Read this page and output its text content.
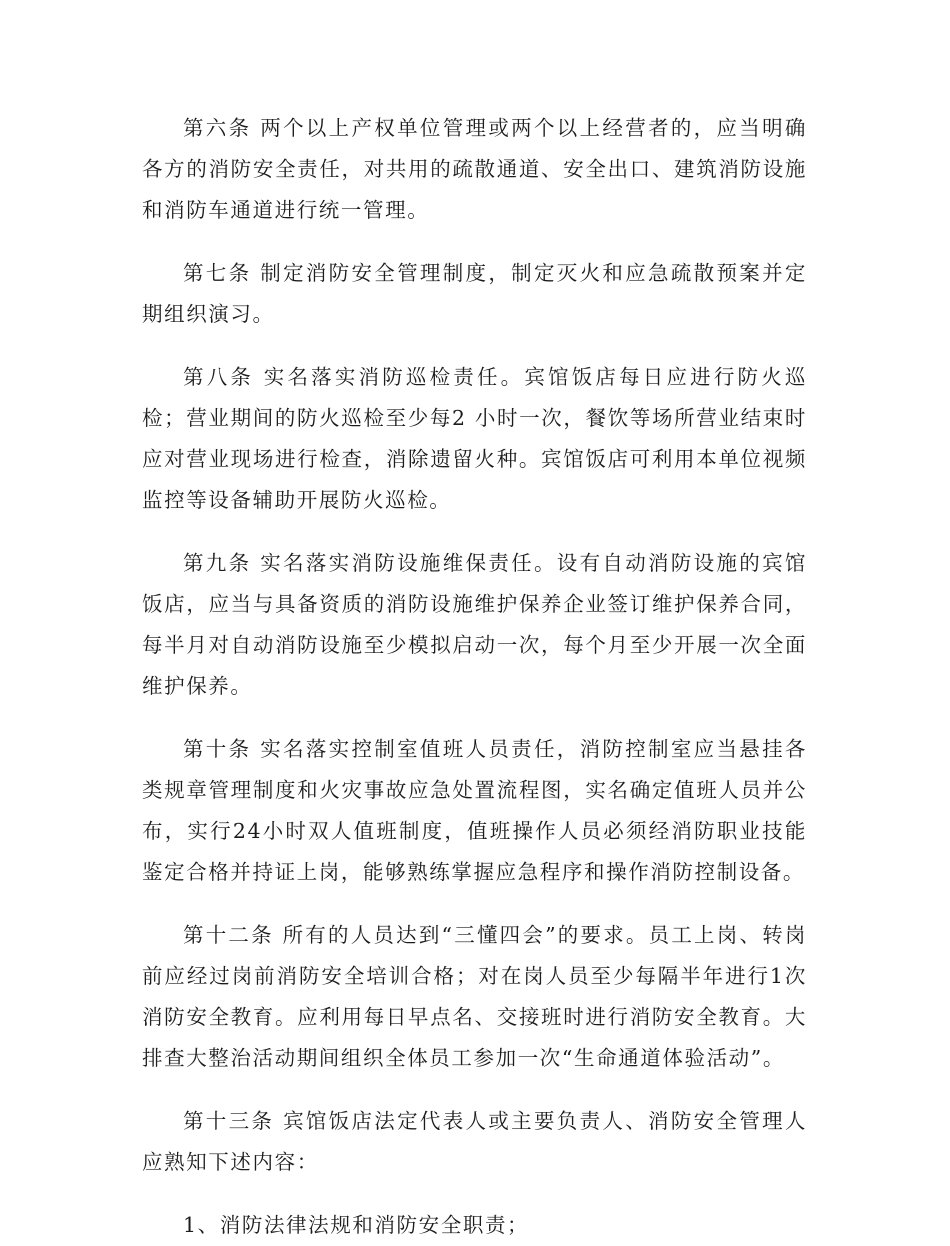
第六条 两个以上产权单位管理或两个以上经营者的，应当明确各方的消防安全责任，对共用的疏散通道、安全出口、建筑消防设施和消防车通道进行统一管理。

第七条 制定消防安全管理制度，制定灭火和应急疏散预案并定期组织演习。

第八条 实名落实消防巡检责任。宾馆饭店每日应进行防火巡检；营业期间的防火巡检至少每2 小时一次，餐饮等场所营业结束时应对营业现场进行检查，消除遗留火种。宾馆饭店可利用本单位视频监控等设备辅助开展防火巡检。

第九条 实名落实消防设施维保责任。设有自动消防设施的宾馆饭店，应当与具备资质的消防设施维护保养企业签订维护保养合同，每半月对自动消防设施至少模拟启动一次，每个月至少开展一次全面维护保养。

第十条 实名落实控制室值班人员责任，消防控制室应当悬挂各类规章管理制度和火灾事故应急处置流程图，实名确定值班人员并公布，实行24小时双人值班制度，值班操作人员必须经消防职业技能鉴定合格并持证上岗，能够熟练掌握应急程序和操作消防控制设备。

第十二条 所有的人员达到“三懂四会”的要求。员工上岗、转岗前应经过岗前消防安全培训合格；对在岗人员至少每隔半年进行1次消防安全教育。应利用每日早点名、交接班时进行消防安全教育。大排查大整治活动期间组织全体员工参加一次“生命通道体验活动”。

第十三条 宾馆饭店法定代表人或主要负责人、消防安全管理人应熟知下述内容：

1、消防法律法规和消防安全职责；
